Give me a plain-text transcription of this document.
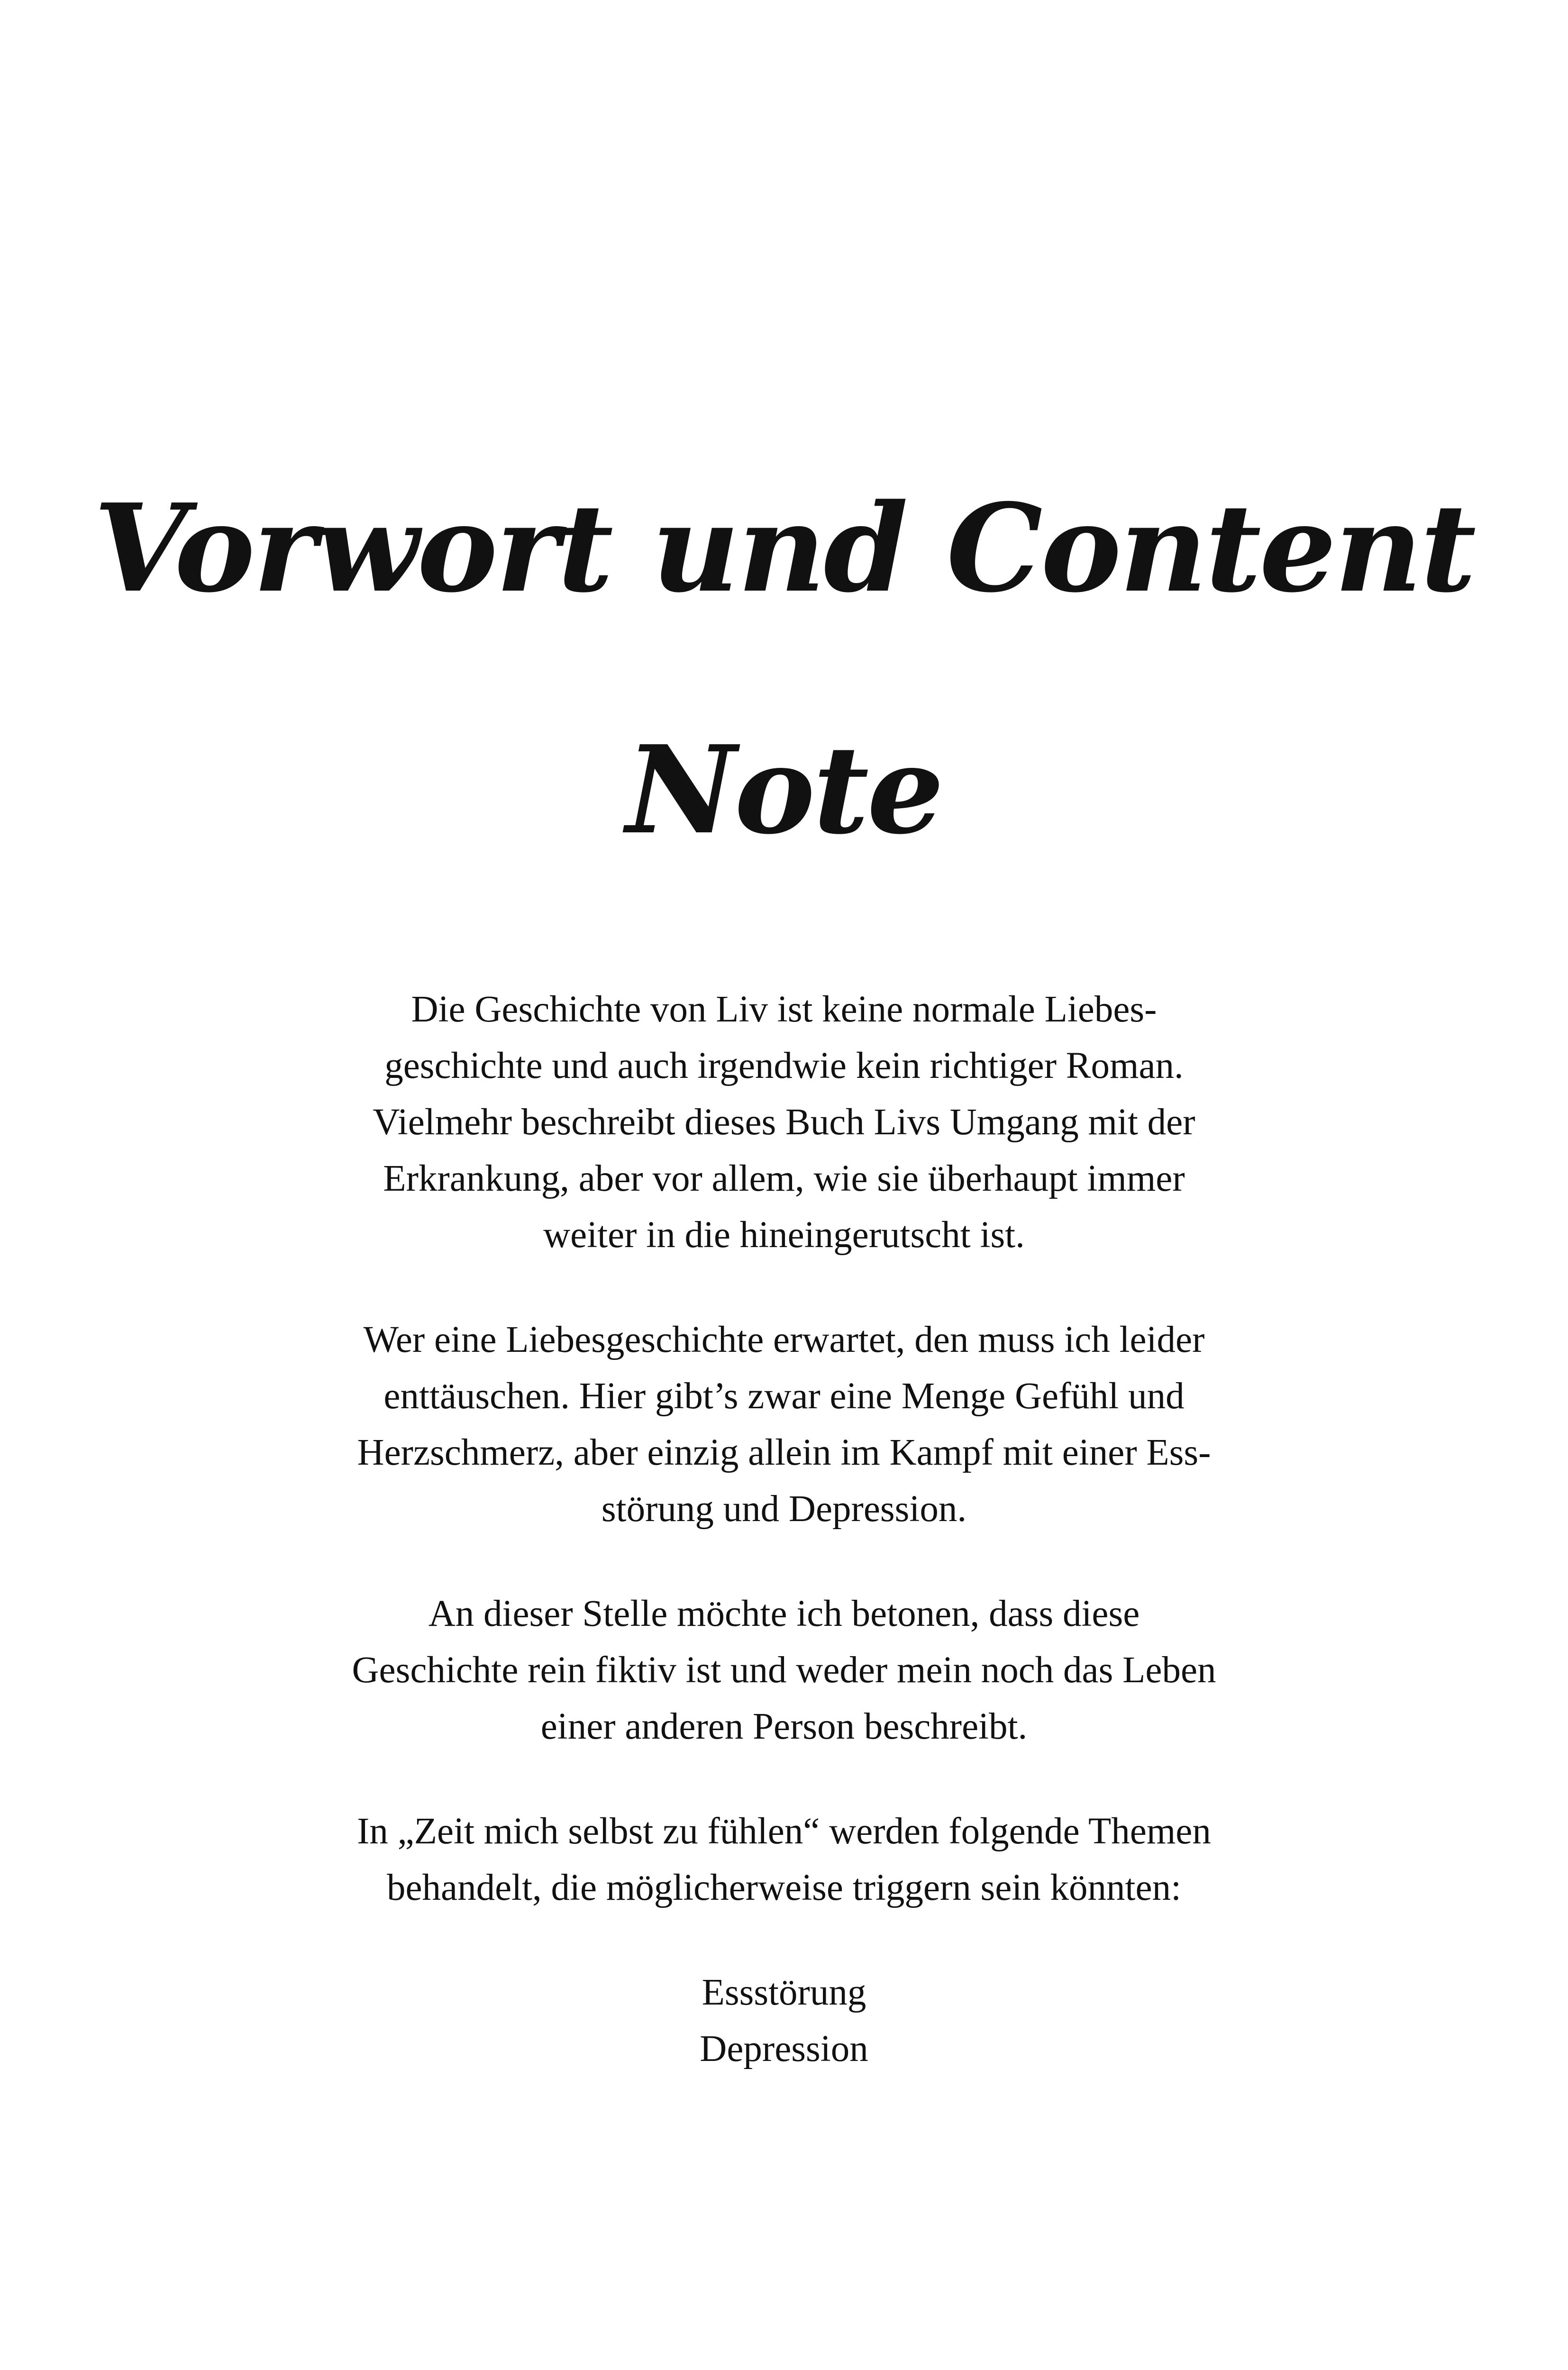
Vorwort und Content
Note

Die Geschichte von Liv ist keine normale Liebes-
geschichte und auch irgendwie kein richtiger Roman.
Vielmehr beschreibt dieses Buch Livs Umgang mit der
Erkrankung, aber vor allem, wie sie überhaupt immer
weiter in die hineingerutscht ist.

Wer eine Liebesgeschichte erwartet, den muss ich leider
enttäuschen. Hier gibt’s zwar eine Menge Gefühl und
Herzschmerz, aber einzig allein im Kampf mit einer Ess-
störung und Depression.

An dieser Stelle möchte ich betonen, dass diese
Geschichte rein fiktiv ist und weder mein noch das Leben
einer anderen Person beschreibt.

In „Zeit mich selbst zu fühlen“ werden folgende Themen
behandelt, die möglicherweise triggern sein könnten:

Essstörung
Depression
